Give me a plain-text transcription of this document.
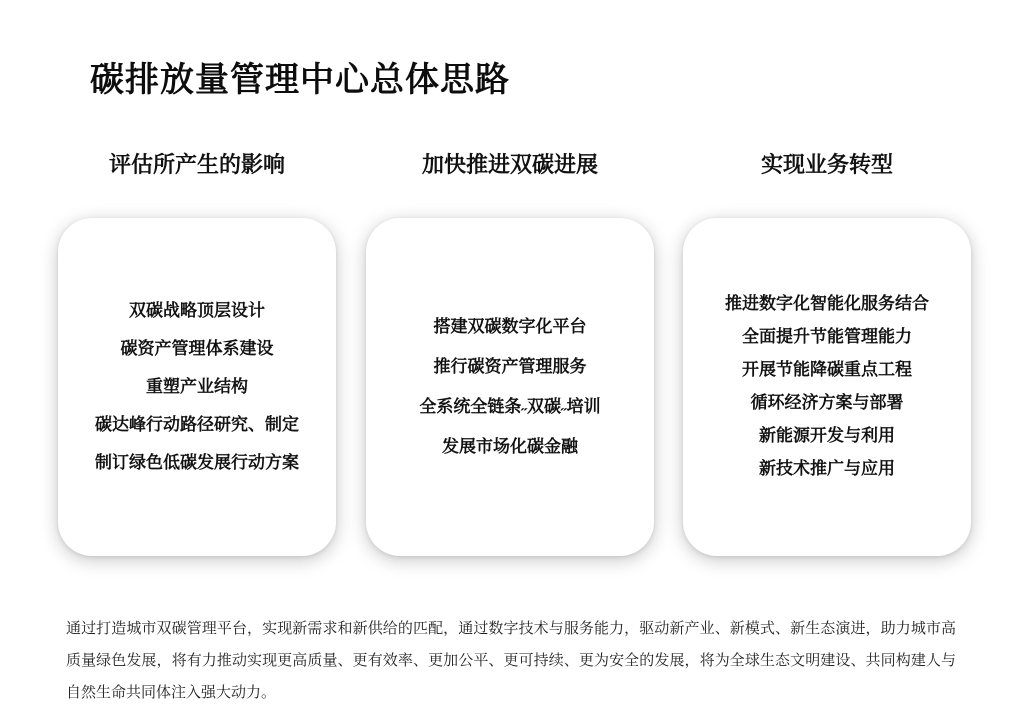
碳排放量管理中心总体思路
评估所产生的影响	加快推进双碳进展	实现业务转型
双碳战略顶层设计
碳资产管理体系建设
重塑产业结构
碳达峰行动路径研究、制定
制订绿色低碳发展行动方案
搭建双碳数字化平台
推行碳资产管理服务
全系统全链条˶双碳˶培训
发展市场化碳金融
推进数字化智能化服务结合
全面提升节能管理能力
开展节能降碳重点工程
循环经济方案与部署
新能源开发与利用
新技术推广与应用

通过打造城市双碳管理平台，实现新需求和新供给的匹配，通过数字技术与服务能力，驱动新产业、新模式、新生态演进，助力城市高质量绿色发展，将有力推动实现更高质量、更有效率、更加公平、更可持续、更为安全的发展，将为全球生态文明建设、共同构建人与自然生命共同体注入强大动力。
